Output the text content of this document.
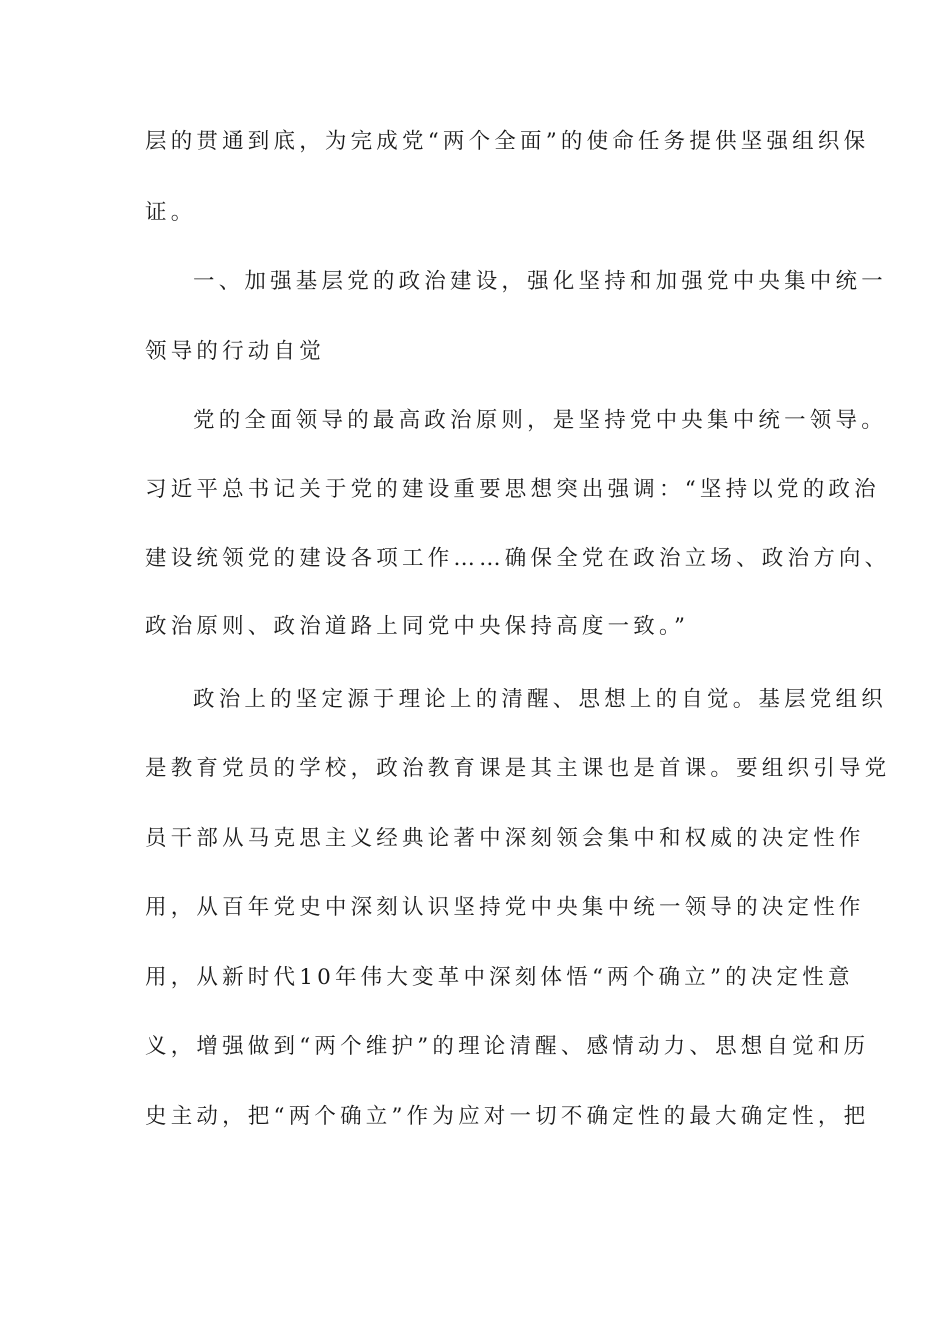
层的贯通到底，为完成党“两个全面”的使命任务提供坚强组织保
证。
一、加强基层党的政治建设，强化坚持和加强党中央集中统一
领导的行动自觉
党的全面领导的最高政治原则，是坚持党中央集中统一领导。
习近平总书记关于党的建设重要思想突出强调：“坚持以党的政治
建设统领党的建设各项工作……确保全党在政治立场、政治方向、
政治原则、政治道路上同党中央保持高度一致。”
政治上的坚定源于理论上的清醒、思想上的自觉。基层党组织
是教育党员的学校，政治教育课是其主课也是首课。要组织引导党
员干部从马克思主义经典论著中深刻领会集中和权威的决定性作
用，从百年党史中深刻认识坚持党中央集中统一领导的决定性作
用，从新时代10年伟大变革中深刻体悟“两个确立”的决定性意
义，增强做到“两个维护”的理论清醒、感情动力、思想自觉和历
史主动，把“两个确立”作为应对一切不确定性的最大确定性，把
